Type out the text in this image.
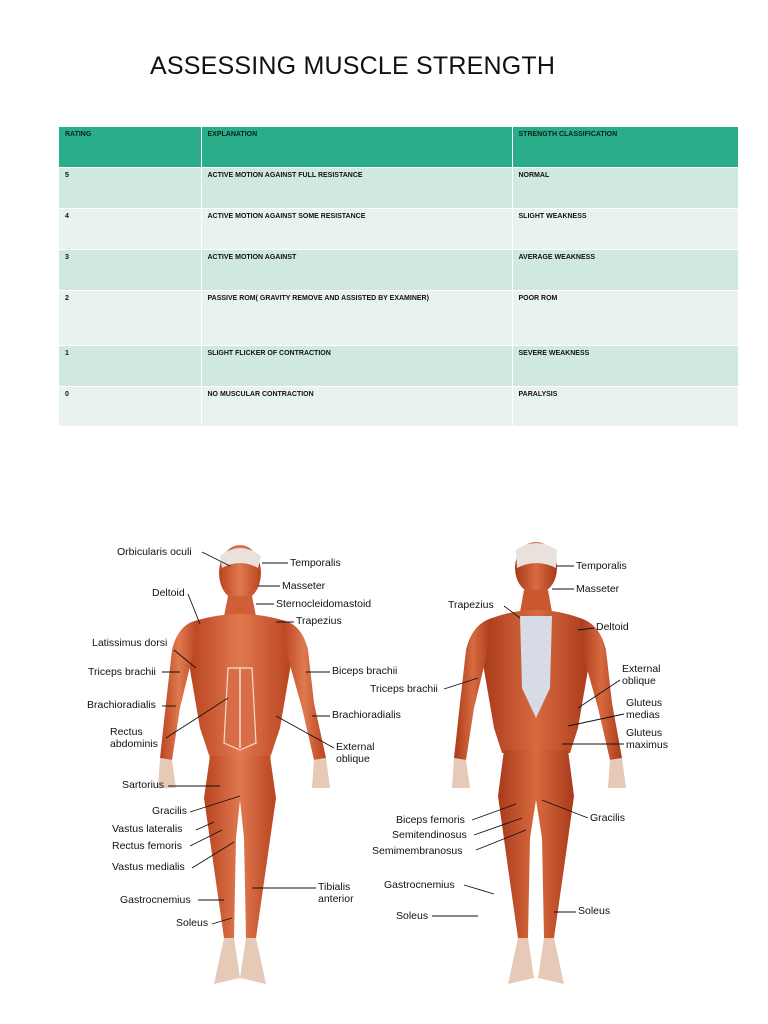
ASSESSING MUSCLE STRENGTH
RATING	EXPLANATION	STRENGTH CLASSIFICATION
5	ACTIVE MOTION AGAINST FULL RESISTANCE	NORMAL
4	ACTIVE MOTION AGAINST SOME RESISTANCE	SLIGHT WEAKNESS
3	ACTIVE MOTION AGAINST	AVERAGE WEAKNESS
2	PASSIVE ROM( GRAVITY REMOVE AND ASSISTED BY EXAMINER)	POOR ROM
1	SLIGHT FLICKER OF CONTRACTION	SEVERE WEAKNESS
0	NO MUSCULAR CONTRACTION	PARALYSIS
Orbicularis oculi
Deltoid
Latissimus dorsi
Triceps brachii
Brachioradialis
Rectus
abdominis
Sartorius
Gracilis
Vastus lateralis
Rectus femoris
Vastus medialis
Gastrocnemius
Soleus
Temporalis
Masseter
Sternocleidomastoid
Trapezius
Biceps brachii
Brachioradialis
External
oblique
Tibialis
anterior
Temporalis
Masseter
Trapezius
Deltoid
External
oblique
Triceps brachii
Gluteus
medias
Gluteus
maximus
Biceps femoris
Semitendinosus
Semimembranosus
Gracilis
Gastrocnemius
Soleus	Soleus
